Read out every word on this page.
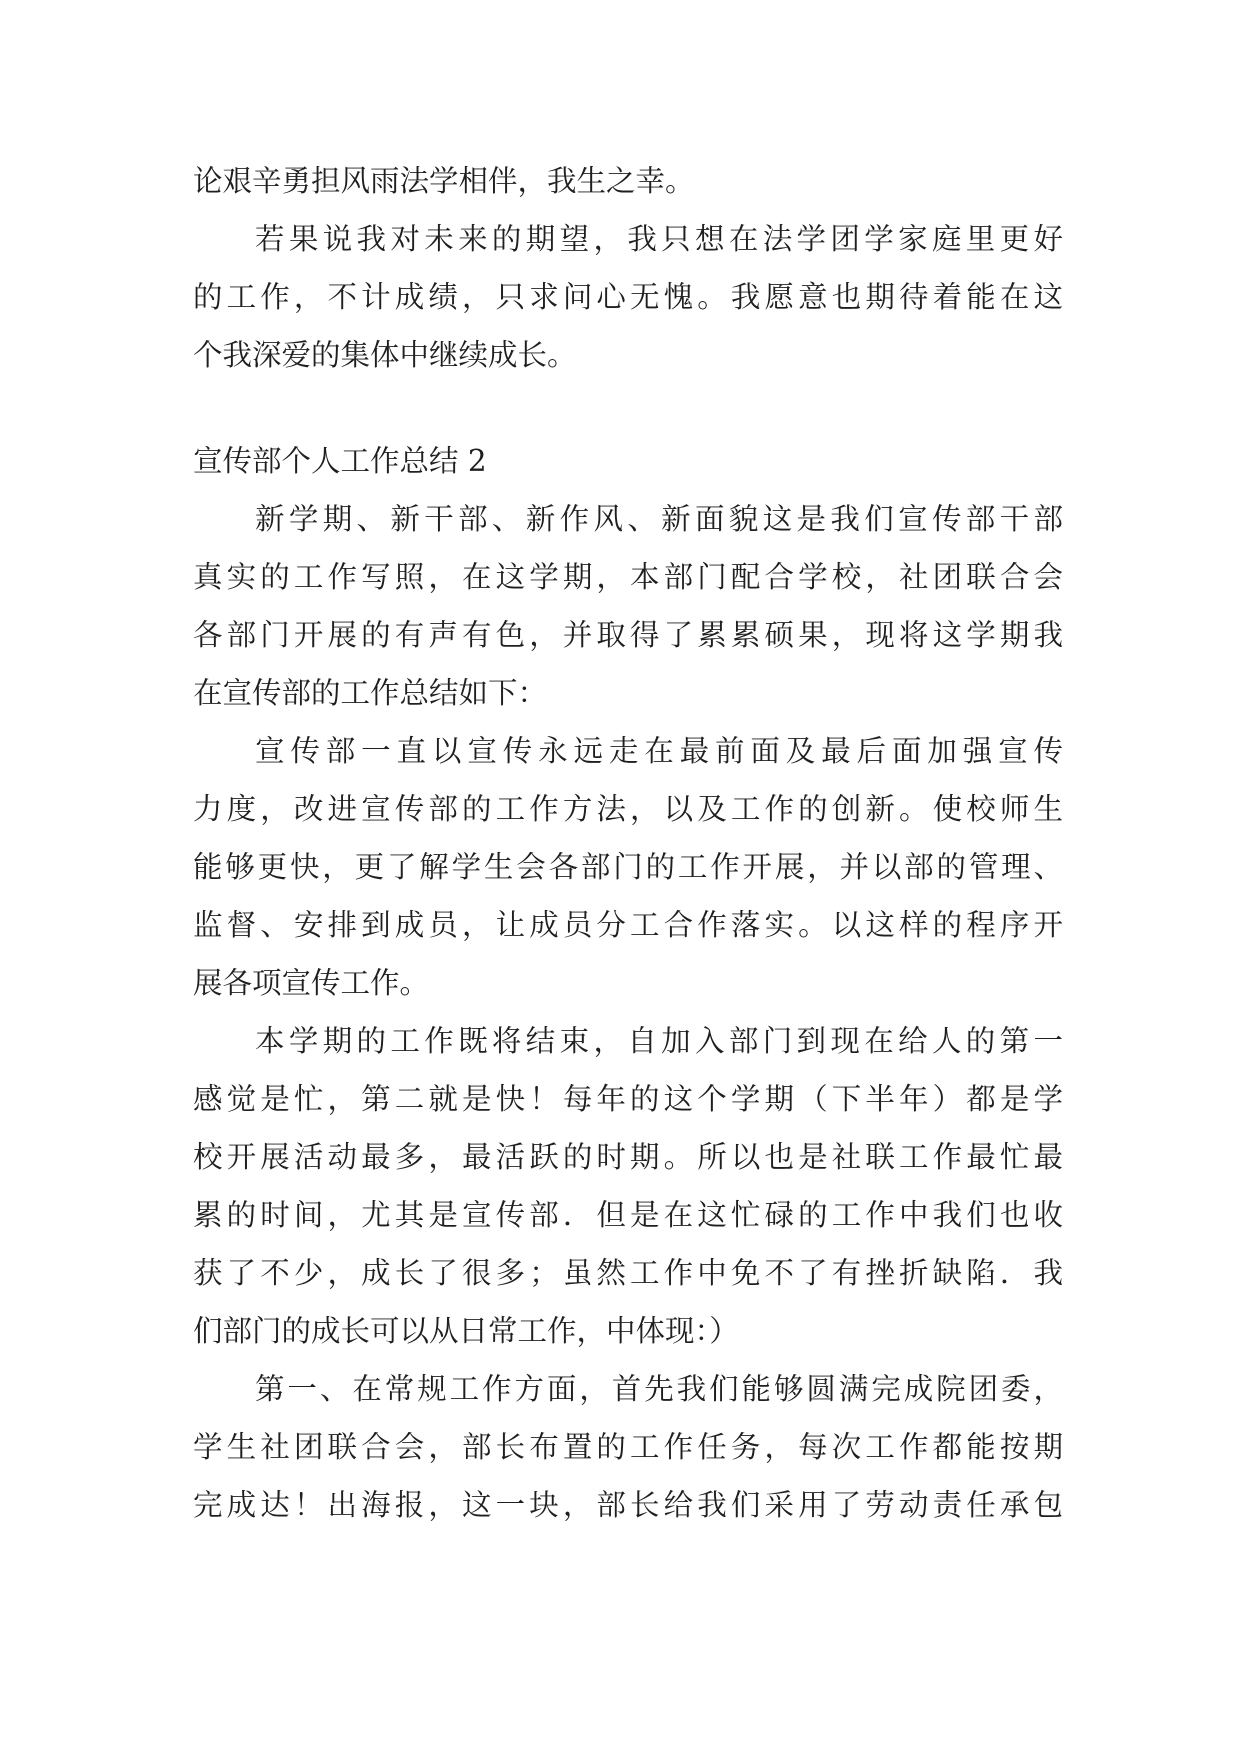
论艰辛勇担风雨法学相伴，我生之幸。
若果说我对未来的期望，我只想在法学团学家庭里更好
的工作，不计成绩，只求问心无愧。我愿意也期待着能在这
个我深爱的集体中继续成长。
宣传部个人工作总结 2
新学期、新干部、新作风、新面貌这是我们宣传部干部
真实的工作写照，在这学期，本部门配合学校，社团联合会
各部门开展的有声有色，并取得了累累硕果，现将这学期我
在宣传部的工作总结如下：
宣传部一直以宣传永远走在最前面及最后面加强宣传
力度，改进宣传部的工作方法，以及工作的创新。使校师生
能够更快，更了解学生会各部门的工作开展，并以部的管理、
监督、安排到成员，让成员分工合作落实。以这样的程序开
展各项宣传工作。
本学期的工作既将结束，自加入部门到现在给人的第一
感觉是忙，第二就是快！每年的这个学期（下半年）都是学
校开展活动最多，最活跃的时期。所以也是社联工作最忙最
累的时间，尤其是宣传部．但是在这忙碌的工作中我们也收
获了不少，成长了很多；虽然工作中免不了有挫折缺陷．我
们部门的成长可以从日常工作，中体现：）
第一、在常规工作方面，首先我们能够圆满完成院团委，
学生社团联合会，部长布置的工作任务，每次工作都能按期
完成达！出海报，这一块，部长给我们采用了劳动责任承包
